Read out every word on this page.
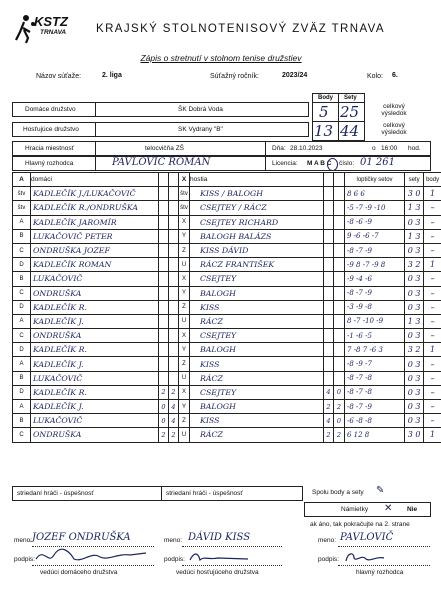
KSTZ
TRNAVA	KRAJSKÝ STOLNOTENISOVÝ ZVÄZ TRNAVA
Zápis o stretnutí v stolnom tenise družstiev
Názov súťaže:	2. liga	Súťažný ročník:	2023/24	Kolo: 6.
Domáce družstvo	ŠK Dobrá Voda
Hosťujúce družstvo	SK Vydrany "B"
Body Sety
5 25
13 44
celkový výsledok
celkový výsledok
Hracia miestnosť	telocvičňa ZŠ	Dňa: 28.10.2023	o 16:00 hod.
Hlavný rozhodca	PAVLOVIČ ROMAN	Licencia: M A B C číslo: 01 261
A	domáci			X	hostia			loptičky setov	sety	body	
štv	KADLEČÍK J./LUKAČOVIČ			štv	KISS / BALOGH			8 6 6	3 0	1	
štv	KADLEČÍK R./ONDRUŠKA			štv	CSEJTEY / RÁCZ			-5 -7 -9 -10	1 3	–	
A	KADLEČÍK JAROMÍR			X	CSEJTEY RICHARD			-8 -6 -9	0 3	–	
B	LUKAČOVIČ PETER			Y	BALOGH BALÁZS			9 -6 -6 -7	1 3	–	
C	ONDRUŠKA JOZEF			Z	KISS DÁVID			-8 -7 -9	0 3	–	
D	KADLEČÍK ROMAN			U	RÁCZ FRANTIŠEK			-9 8 -7 -9 8	3 2	1	
B	LUKAČOVIČ			X	CSEJTEY			-9 -4 -6	0 3	–	
C	ONDRUŠKA			Y	BALOGH			-8 -7 -9	0 3	–	
D	KADLEČÍK R.			Z	KISS			-3 -9 -8	0 3	–	
A	KADLEČÍK J.			U	RÁCZ			8 -7 -10 -9	1 3	–	
C	ONDRUŠKA			X	CSEJTEY			-1 -6 -5	0 3	–	
D	KADLEČÍK R.			Y	BALOGH			7 -8 7 -6 3	3 2	1	
A	KADLEČÍK J.			Z	KISS			-8 -9 -7	0 3	–	
B	LUKAČOVIČ			U	RÁCZ			-8 -7 -8	0 3	–	
D	KADLEČÍK R.	2	2	X	CSEJTEY	4	0	-8 -7 -8	0 3	–	
A	KADLEČÍK J.	0	4	Y	BALOGH	2	2	-8 -7 -9	0 3	–	
B	LUKAČOVIČ	0	4	Z	KISS	4	0	-6 -8 -8	0 3	–	
C	ONDRUŠKA	2	2	U	RÁCZ	2	2	6 12 8	3 0	1	
striedaní hráči - úspešnosť	striedaní hráči - úspešnosť	Spolu body a sety ✎
Námietky ✕ Nie
ak áno, tak pokračujte na 2. strane
meno: JOZEF ONDRUŠKA
podpis:
vedúci domáceho družstva
meno: DÁVID KISS
podpis:
vedúci hosťujúceho družstva
meno: PAVLOVIČ
podpis:
hlavný rozhodca
